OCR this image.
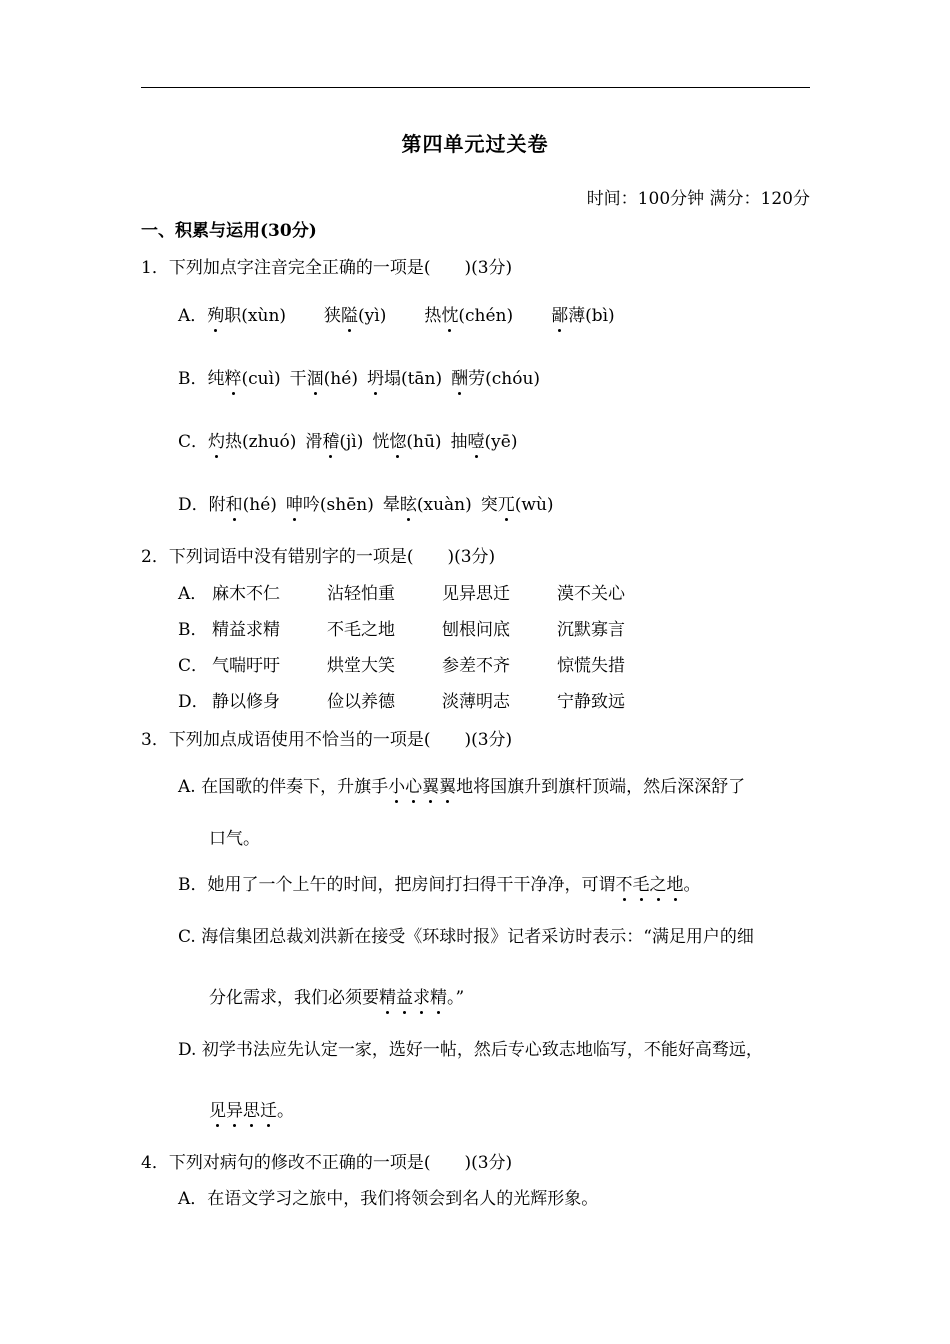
第四单元过关卷
时间：100分钟 满分：120分
一、积累与运用(30分)
1．下列加点字注音完全正确的一项是(　　)(3分)
A．殉职(xùn) 狭隘(yì) 热忱(chén) 鄙薄(bì)
B．纯粹(cuì) 干涸(hé) 坍塌(tān) 酬劳(chóu)
C．灼热(zhuó) 滑稽(jì) 恍惚(hū) 抽噎(yē)
D．附和(hé) 呻吟(shēn) 晕眩(xuàn) 突兀(wù)
2．下列词语中没有错别字的一项是(　　)(3分)
A． 麻木不仁	沾轻怕重	见异思迁	漠不关心
B． 精益求精	不毛之地	刨根问底	沉默寡言
C． 气喘吁吁	烘堂大笑	参差不齐	惊慌失措
D． 静以修身	俭以养德	淡薄明志	宁静致远
3．下列加点成语使用不恰当的一项是(　　)(3分)
A. 在国歌的伴奏下，升旗手小心翼翼地将国旗升到旗杆顶端，然后深深舒了
口气。
B．她用了一个上午的时间，把房间打扫得干干净净，可谓不毛之地。
C. 海信集团总裁刘洪新在接受《环球时报》记者采访时表示：“满足用户的细
分化需求，我们必须要精益求精。”
D. 初学书法应先认定一家，选好一帖，然后专心致志地临写，不能好高骛远，
见异思迁。
4．下列对病句的修改不正确的一项是(　　)(3分)
A．在语文学习之旅中，我们将领会到名人的光辉形象。
